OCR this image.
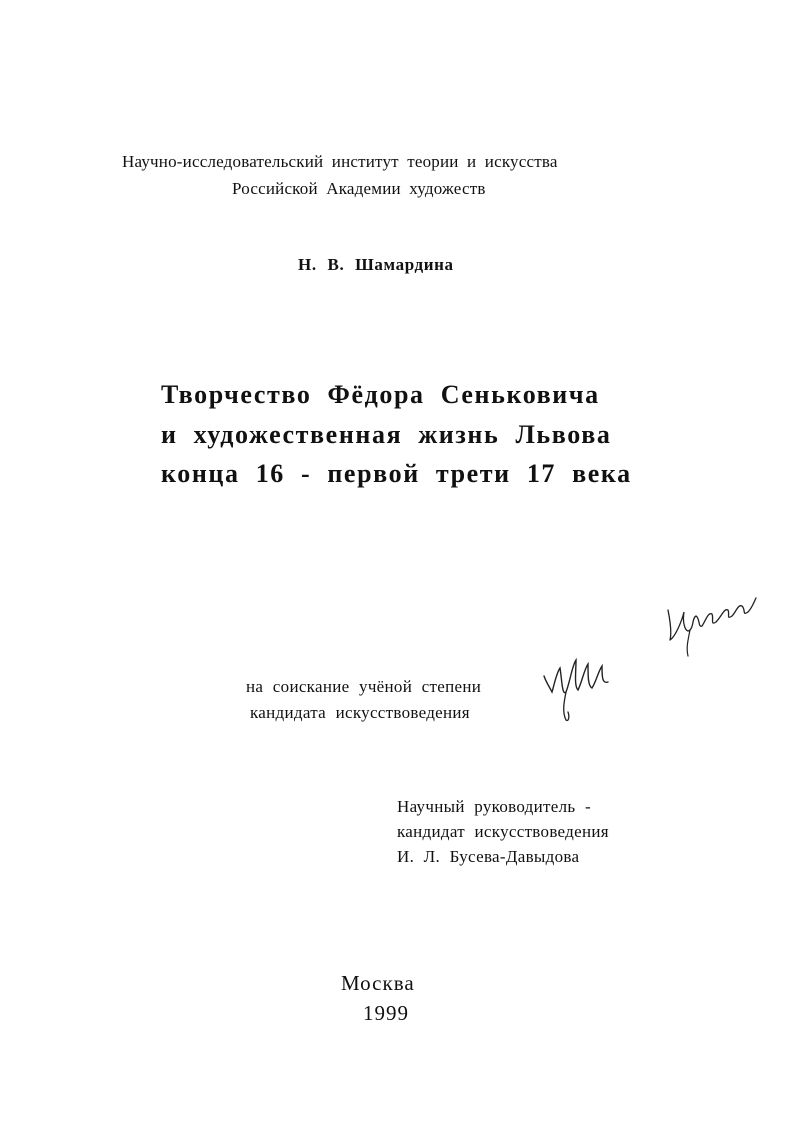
Научно-исследовательский институт теории и искусства

Российской Академии художеств

Н. В. Шамардина

Творчество Фёдора Сеньковича
и художественная жизнь Львова
конца 16 - первой трети 17 века

на соискание учёной степени

кандидата искусствоведения

Научный руководитель -

кандидат искусствоведения

И. Л. Бусева-Давыдова

Москва

1999
